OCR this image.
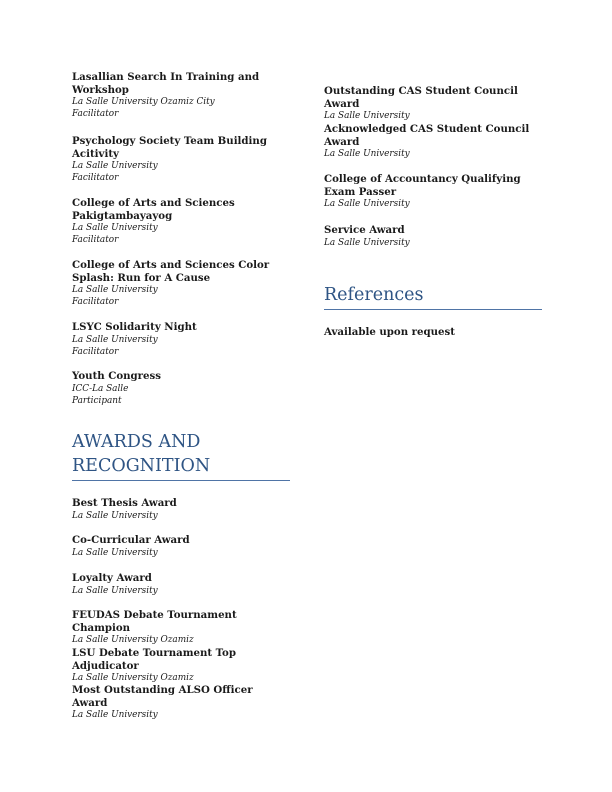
Lasallian Search In Training and Workshop
La Salle University Ozamiz City
Facilitator
Psychology Society Team Building Acitivity
La Salle University
Facilitator
College of Arts and Sciences Pakigtambayayog
La Salle University
Facilitator
College of Arts and Sciences Color Splash: Run for A Cause
La Salle University
Facilitator
LSYC Solidarity Night
La Salle University
Facilitator
Youth Congress
ICC-La Salle
Participant
AWARDS AND RECOGNITION
Best Thesis Award
La Salle University
Co-Curricular Award
La Salle University
Loyalty Award
La Salle University
FEUDAS Debate Tournament Champion
La Salle University Ozamiz
LSU Debate Tournament Top Adjudicator
La Salle University Ozamiz
Most Outstanding ALSO Officer Award
La Salle University
Outstanding CAS Student Council Award
La Salle University
Acknowledged CAS Student Council Award
La Salle University
College of Accountancy Qualifying Exam Passer
La Salle University
Service Award
La Salle University
References
Available upon request
